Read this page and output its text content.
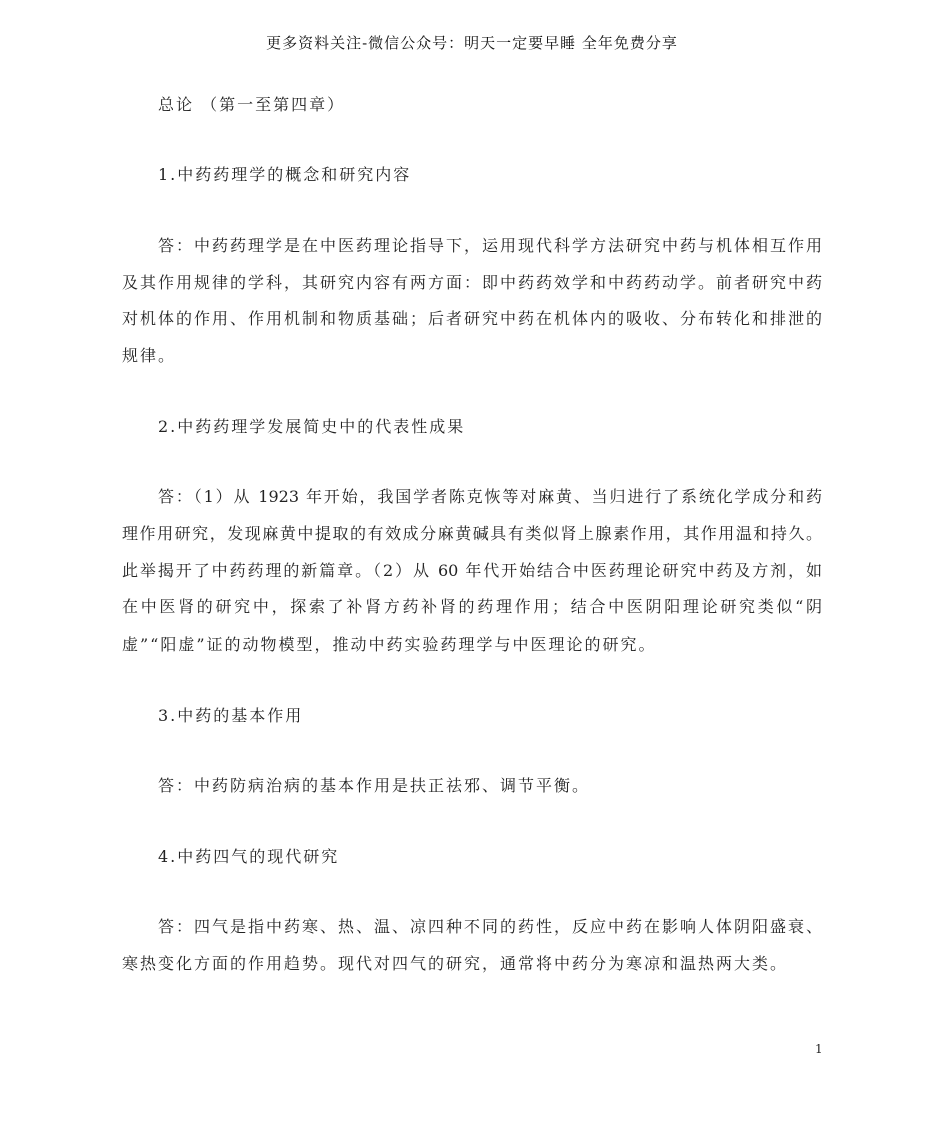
更多资料关注-微信公众号：明天一定要早睡 全年免费分享
总论 （第一至第四章）
1.中药药理学的概念和研究内容
答：中药药理学是在中医药理论指导下，运用现代科学方法研究中药与机体相互作用
及其作用规律的学科，其研究内容有两方面：即中药药效学和中药药动学。前者研究中药
对机体的作用、作用机制和物质基础；后者研究中药在机体内的吸收、分布转化和排泄的
规律。
2.中药药理学发展简史中的代表性成果
答：（1）从 1923 年开始，我国学者陈克恢等对麻黄、当归进行了系统化学成分和药
理作用研究，发现麻黄中提取的有效成分麻黄碱具有类似肾上腺素作用，其作用温和持久。
此举揭开了中药药理的新篇章。（2）从 60 年代开始结合中医药理论研究中药及方剂，如
在中医肾的研究中，探索了补肾方药补肾的药理作用；结合中医阴阳理论研究类似“阴
虚”“阳虚”证的动物模型，推动中药实验药理学与中医理论的研究。
3.中药的基本作用
答：中药防病治病的基本作用是扶正祛邪、调节平衡。
4.中药四气的现代研究
答：四气是指中药寒、热、温、凉四种不同的药性，反应中药在影响人体阴阳盛衰、
寒热变化方面的作用趋势。现代对四气的研究，通常将中药分为寒凉和温热两大类。
1
